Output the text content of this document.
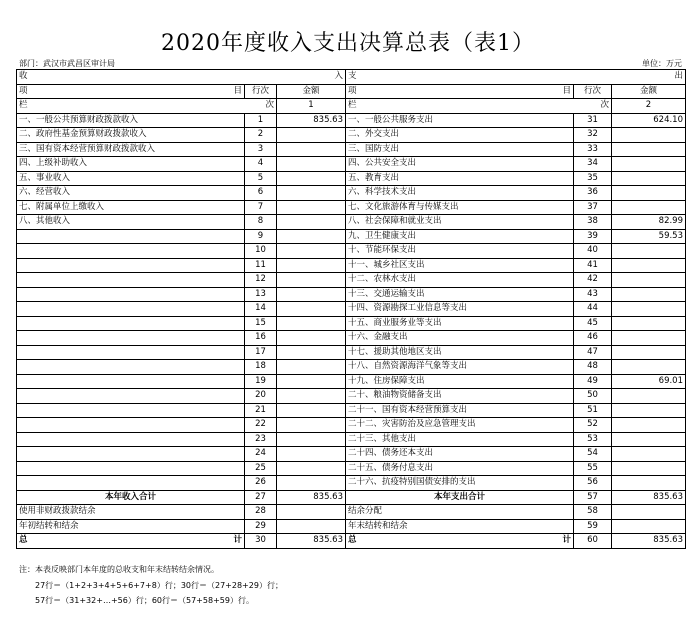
2020年度收入支出决算总表（表1）
部门：武汉市武昌区审计局	单位：万元
收 入			支 出		

项 目	行次	金额	项 目	行次	金额

栏 次		1	栏 次		2
一、一般公共预算财政拨款收入	1	835.63	一、一般公共服务支出	31	624.10
二、政府性基金预算财政拨款收入	2		二、外交支出	32	
三、国有资本经营预算财政拨款收入	3		三、国防支出	33	
四、上级补助收入	4		四、公共安全支出	34	
五、事业收入	5		五、教育支出	35	
六、经营收入	6		六、科学技术支出	36	
七、附属单位上缴收入	7		七、文化旅游体育与传媒支出	37	
八、其他收入	8		八、社会保障和就业支出	38	82.99
	9		九、卫生健康支出	39	59.53
	10		十、节能环保支出	40	
	11		十一、城乡社区支出	41	
	12		十二、农林水支出	42	
	13		十三、交通运输支出	43	
	14		十四、资源勘探工业信息等支出	44	
	15		十五、商业服务业等支出	45	
	16		十六、金融支出	46	
	17		十七、援助其他地区支出	47	
	18		十八、自然资源海洋气象等支出	48	
	19		十九、住房保障支出	49	69.01
	20		二十、粮油物资储备支出	50	
	21		二十一、国有资本经营预算支出	51	
	22		二十二、灾害防治及应急管理支出	52	
	23		二十三、其他支出	53	
	24		二十四、债务还本支出	54	
	25		二十五、债务付息支出	55	
	26		二十六、抗疫特别国债安排的支出	56	
本年收入合计	27	835.63	本年支出合计	57	835.63
使用非财政拨款结余	28		结余分配	58	
年初结转和结余	29		年末结转和结余	59	

总 计	30	835.63	总 计	60	835.63
注：本表反映部门本年度的总收支和年末结转结余情况。
27行＝（1+2+3+4+5+6+7+8）行；30行＝（27+28+29）行；
57行＝（31+32+…+56）行；60行＝（57+58+59）行。
